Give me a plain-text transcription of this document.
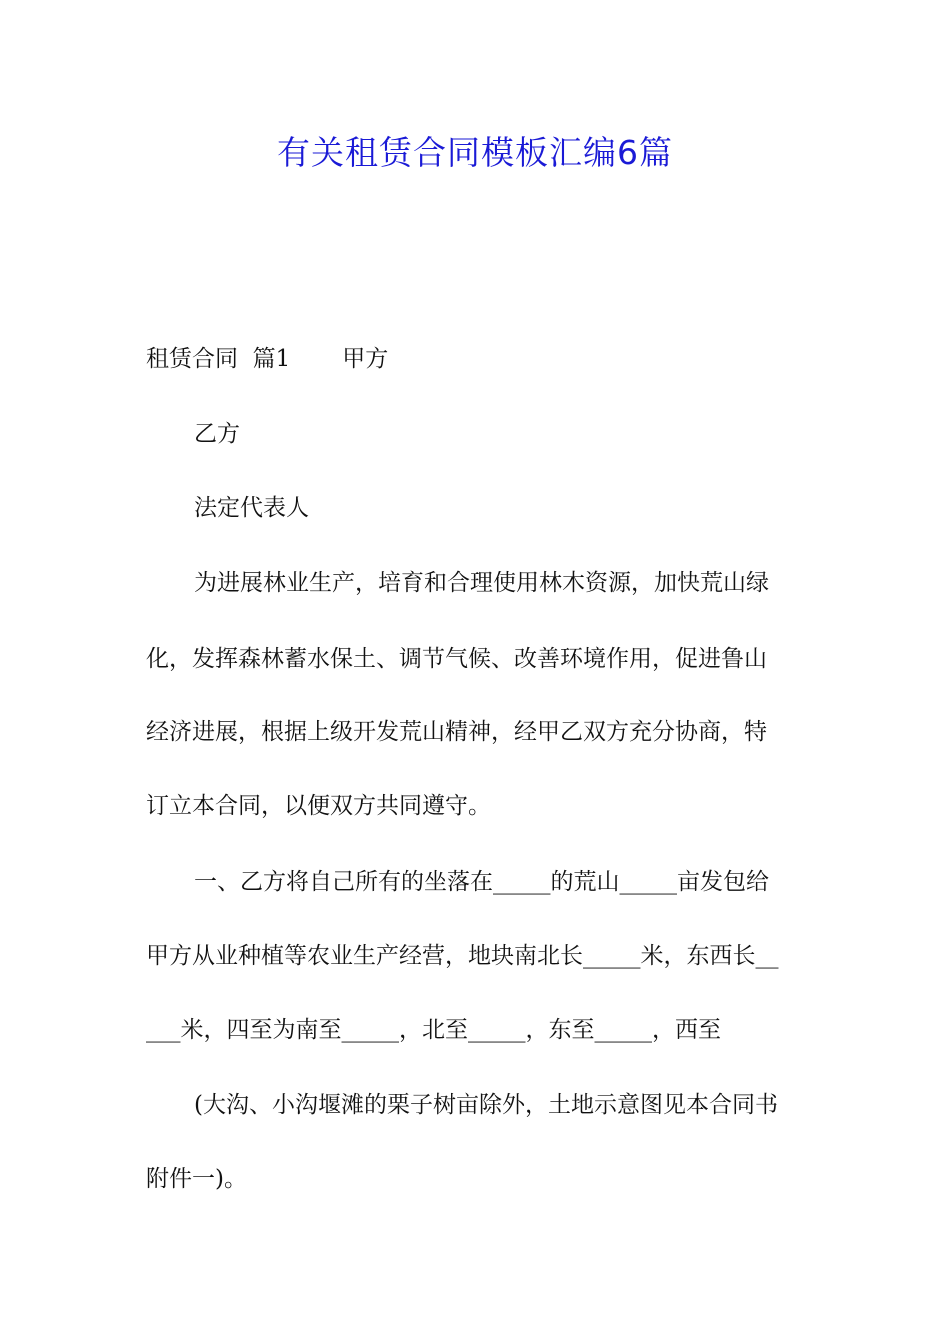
有关租赁合同模板汇编6篇

租赁合同  篇1 甲方

乙方

法定代表人

为进展林业生产，培育和合理使用林木资源，加快荒山绿

化，发挥森林蓄水保土、调节气候、改善环境作用，促进鲁山

经济进展，根据上级开发荒山精神，经甲乙双方充分协商，特

订立本合同，以便双方共同遵守。

一、乙方将自己所有的坐落在_____的荒山_____亩发包给

甲方从业种植等农业生产经营，地块南北长_____米，东西长__

___米，四至为南至_____，北至_____，东至_____，西至

(大沟、小沟堰滩的栗子树亩除外，土地示意图见本合同书

附件一)。
